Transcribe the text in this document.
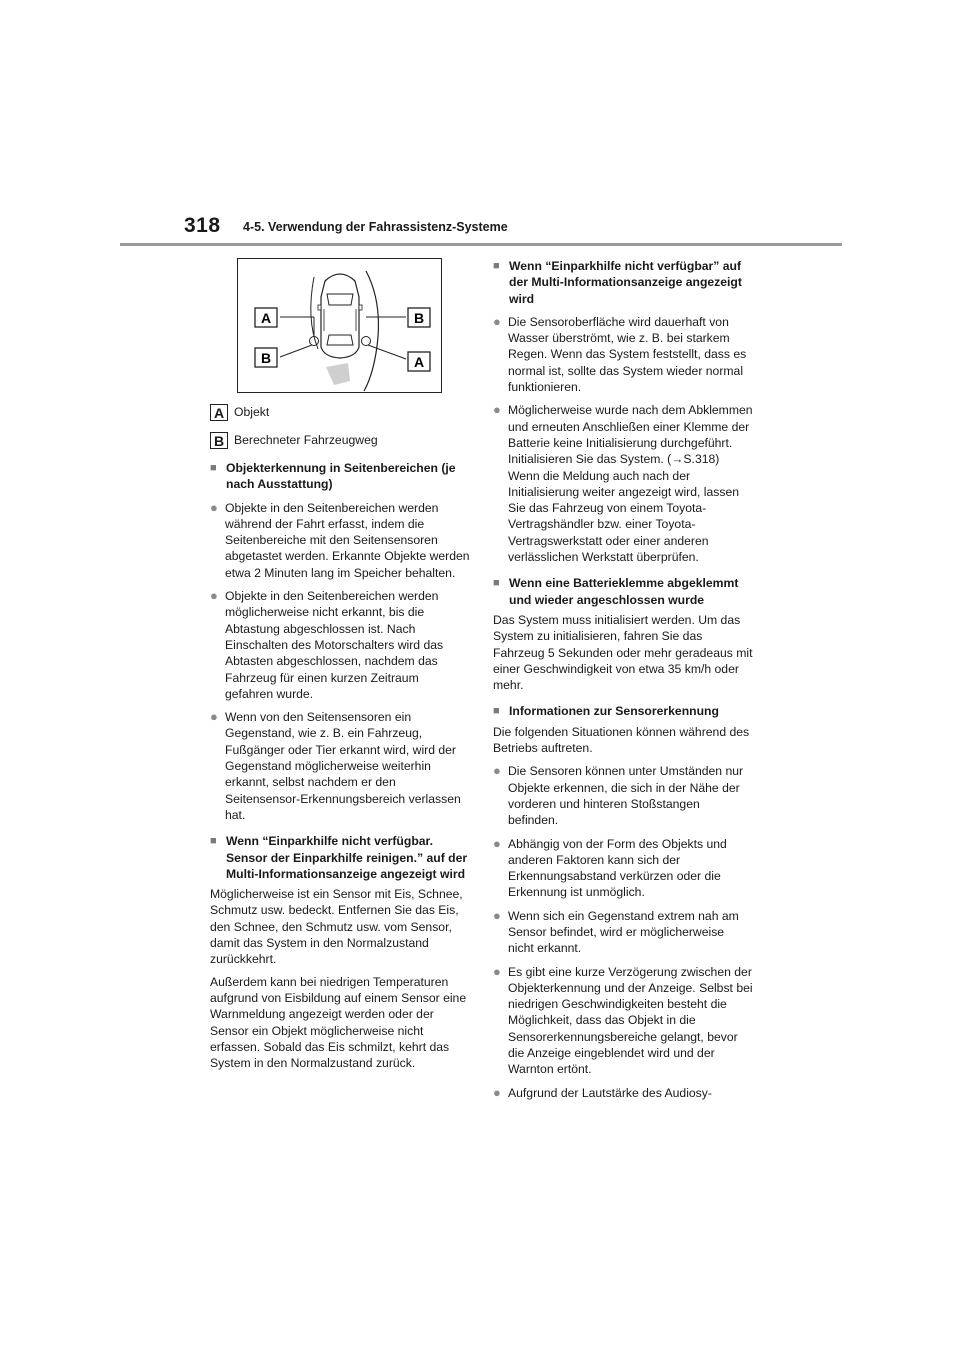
318 4-5. Verwendung der Fahrassistenz-Systeme
A	B
B	A
A Objekt
B Berechneter Fahrzeugweg
■ Objekterkennung in Seitenbereichen (je nach Ausstattung)
● Objekte in den Seitenbereichen werden während der Fahrt erfasst, indem die Seitenbereiche mit den Seitensensoren abgetastet werden. Erkannte Objekte werden etwa 2 Minuten lang im Speicher behalten.
● Objekte in den Seitenbereichen werden möglicherweise nicht erkannt, bis die Abtastung abgeschlossen ist. Nach Einschalten des Motorschalters wird das Abtasten abgeschlossen, nachdem das Fahrzeug für einen kurzen Zeitraum gefahren wurde.
● Wenn von den Seitensensoren ein Gegenstand, wie z. B. ein Fahrzeug, Fußgänger oder Tier erkannt wird, wird der Gegenstand möglicherweise weiterhin erkannt, selbst nachdem er den Seitensensor-Erkennungsbereich verlassen hat.
■ Wenn “Einparkhilfe nicht verfügbar. Sensor der Einparkhilfe reinigen.” auf der Multi-Informationsanzeige angezeigt wird
Möglicherweise ist ein Sensor mit Eis, Schnee, Schmutz usw. bedeckt. Entfernen Sie das Eis, den Schnee, den Schmutz usw. vom Sensor, damit das System in den Normalzustand zurückkehrt.
Außerdem kann bei niedrigen Temperaturen aufgrund von Eisbildung auf einem Sensor eine Warnmeldung angezeigt werden oder der Sensor ein Objekt möglicherweise nicht erfassen. Sobald das Eis schmilzt, kehrt das System in den Normalzustand zurück.
■ Wenn “Einparkhilfe nicht verfügbar” auf der Multi-Informationsanzeige angezeigt wird
● Die Sensoroberfläche wird dauerhaft von Wasser überströmt, wie z. B. bei starkem Regen. Wenn das System feststellt, dass es normal ist, sollte das System wieder normal funktionieren.
● Möglicherweise wurde nach dem Abklemmen und erneuten Anschließen einer Klemme der Batterie keine Initialisierung durchgeführt. Initialisieren Sie das System. (→S.318)
Wenn die Meldung auch nach der Initialisierung weiter angezeigt wird, lassen Sie das Fahrzeug von einem Toyota-Vertragshändler bzw. einer Toyota-Vertragswerkstatt oder einer anderen verlässlichen Werkstatt überprüfen.
■ Wenn eine Batterieklemme abgeklemmt und wieder angeschlossen wurde
Das System muss initialisiert werden. Um das System zu initialisieren, fahren Sie das Fahrzeug 5 Sekunden oder mehr geradeaus mit einer Geschwindigkeit von etwa 35 km/h oder mehr.
■ Informationen zur Sensorerkennung
Die folgenden Situationen können während des Betriebs auftreten.
● Die Sensoren können unter Umständen nur Objekte erkennen, die sich in der Nähe der vorderen und hinteren Stoßstangen befinden.
● Abhängig von der Form des Objekts und anderen Faktoren kann sich der Erkennungsabstand verkürzen oder die Erkennung ist unmöglich.
● Wenn sich ein Gegenstand extrem nah am Sensor befindet, wird er möglicherweise nicht erkannt.
● Es gibt eine kurze Verzögerung zwischen der Objekterkennung und der Anzeige. Selbst bei niedrigen Geschwindigkeiten besteht die Möglichkeit, dass das Objekt in die Sensorerkennungsbereiche gelangt, bevor die Anzeige eingeblendet wird und der Warnton ertönt.
● Aufgrund der Lautstärke des Audiosy-
